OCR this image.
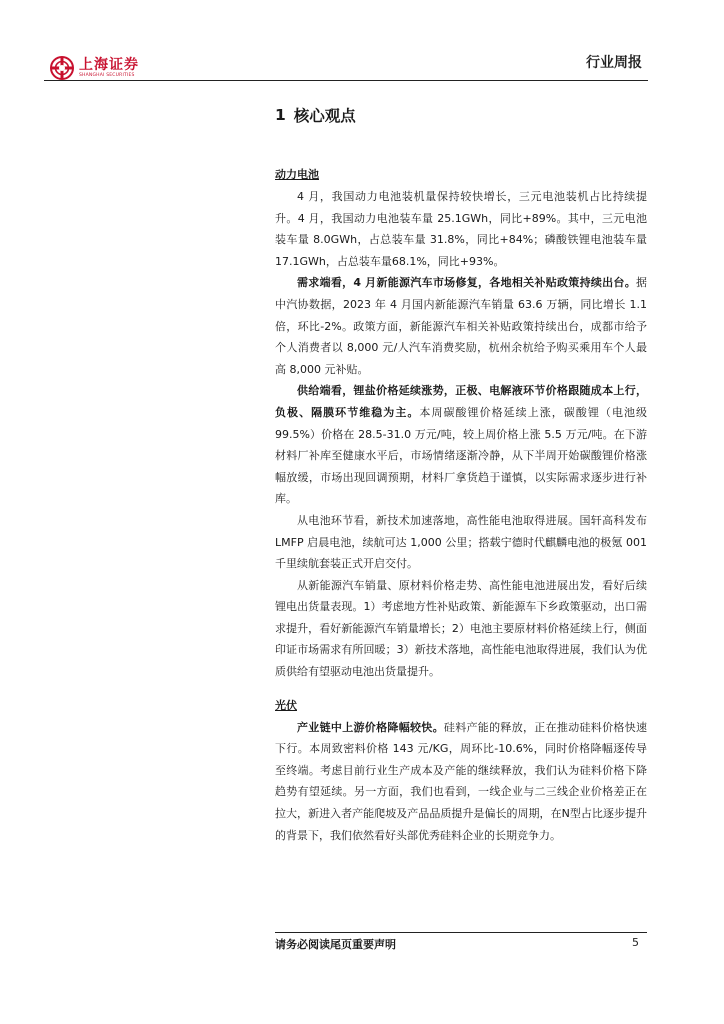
上海证券
SHANGHAI SECURITIES
行业周报
1 核心观点
动力电池

4 月，我国动力电池装机量保持较快增长，三元电池装机占比持续提升。4 月，我国动力电池装车量 25.1GWh，同比+89%。其中，三元电池装车量 8.0GWh，占总装车量 31.8%，同比+84%；磷酸铁锂电池装车量17.1GWh，占总装车量68.1%，同比+93%。

需求端看，4 月新能源汽车市场修复，各地相关补贴政策持续出台。据中汽协数据，2023 年 4 月国内新能源汽车销量 63.6 万辆，同比增长 1.1 倍，环比-2%。政策方面，新能源汽车相关补贴政策持续出台，成都市给予个人消费者以 8,000 元/人汽车消费奖励，杭州余杭给予购买乘用车个人最高 8,000 元补贴。

供给端看，锂盐价格延续涨势，正极、电解液环节价格跟随成本上行，负极、隔膜环节维稳为主。本周碳酸锂价格延续上涨，碳酸锂（电池级 99.5%）价格在 28.5-31.0 万元/吨，较上周价格上涨 5.5 万元/吨。在下游材料厂补库至健康水平后，市场情绪逐渐冷静，从下半周开始碳酸锂价格涨幅放缓，市场出现回调预期，材料厂拿货趋于谨慎，以实际需求逐步进行补库。

从电池环节看，新技术加速落地，高性能电池取得进展。国轩高科发布 LMFP 启晨电池，续航可达 1,000 公里；搭载宁德时代麒麟电池的极氪 001 千里续航套装正式开启交付。

从新能源汽车销量、原材料价格走势、高性能电池进展出发，看好后续锂电出货量表现。1）考虑地方性补贴政策、新能源车下乡政策驱动，出口需求提升，看好新能源汽车销量增长；2）电池主要原材料价格延续上行，侧面印证市场需求有所回暖；3）新技术落地，高性能电池取得进展，我们认为优质供给有望驱动电池出货量提升。

光伏

产业链中上游价格降幅较快。硅料产能的释放，正在推动硅料价格快速下行。本周致密料价格 143 元/KG，周环比-10.6%，同时价格降幅逐传导至终端。考虑目前行业生产成本及产能的继续释放，我们认为硅料价格下降趋势有望延续。另一方面，我们也看到，一线企业与二三线企业价格差正在拉大，新进入者产能爬坡及产品品质提升是偏长的周期，在N型占比逐步提升的背景下，我们依然看好头部优秀硅料企业的长期竞争力。

请务必阅读尾页重要声明	5
